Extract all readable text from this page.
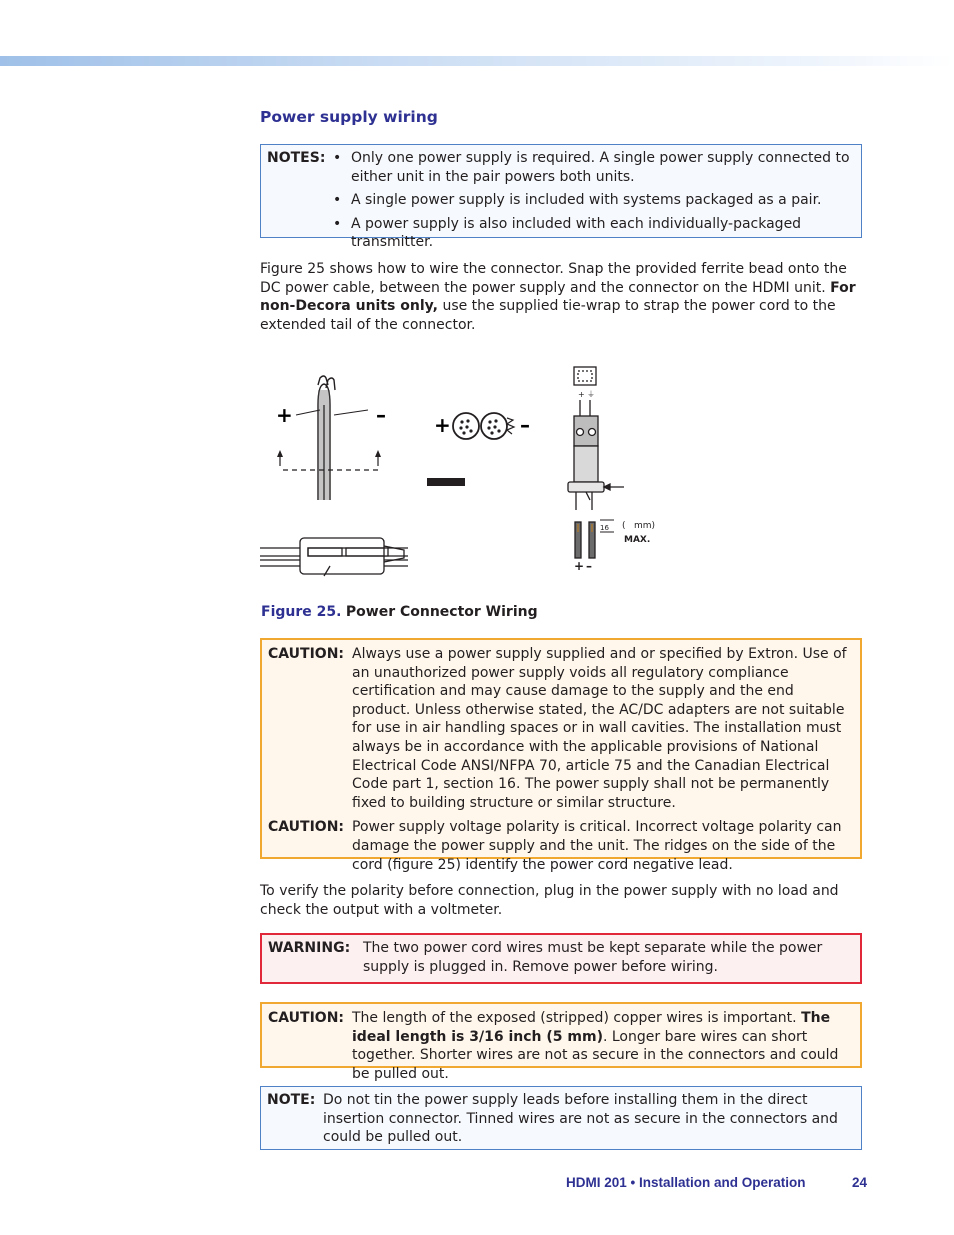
Power supply wiring
NOTES: • Only one power supply is required. A single power supply connected to either unit in the pair powers both units.
• A single power supply is included with systems packaged as a pair.
• A power supply is also included with each individually-packaged transmitter.

Figure 25 shows how to wire the connector. Snap the provided ferrite bead onto the DC power cable, between the power supply and the connector on the HDMI unit. For non-Decora units only, use the supplied tie-wrap to strap the power cord to the extended tail of the connector.

+	– +	–
+ ⏚
16 ( mm)
MAX.
+ –
Figure 25. Power Connector Wiring
CAUTION: Always use a power supply supplied and or specified by Extron. Use of an unauthorized power supply voids all regulatory compliance certification and may cause damage to the supply and the end product. Unless otherwise stated, the AC/DC adapters are not suitable for use in air handling spaces or in wall cavities. The installation must always be in accordance with the applicable provisions of National Electrical Code ANSI/NFPA 70, article 75 and the Canadian Electrical Code part 1, section 16. The power supply shall not be permanently fixed to building structure or similar structure.
CAUTION: Power supply voltage polarity is critical. Incorrect voltage polarity can damage the power supply and the unit. The ridges on the side of the cord (figure 25) identify the power cord negative lead.

To verify the polarity before connection, plug in the power supply with no load and check the output with a voltmeter.

WARNING: The two power cord wires must be kept separate while the power supply is plugged in. Remove power before wiring.
CAUTION: The length of the exposed (stripped) copper wires is important. The ideal length is 3/16 inch (5 mm). Longer bare wires can short together. Shorter wires are not as secure in the connectors and could be pulled out.
NOTE: Do not tin the power supply leads before installing them in the direct insertion connector. Tinned wires are not as secure in the connectors and could be pulled out.
HDMI 201 • Installation and Operation	24
